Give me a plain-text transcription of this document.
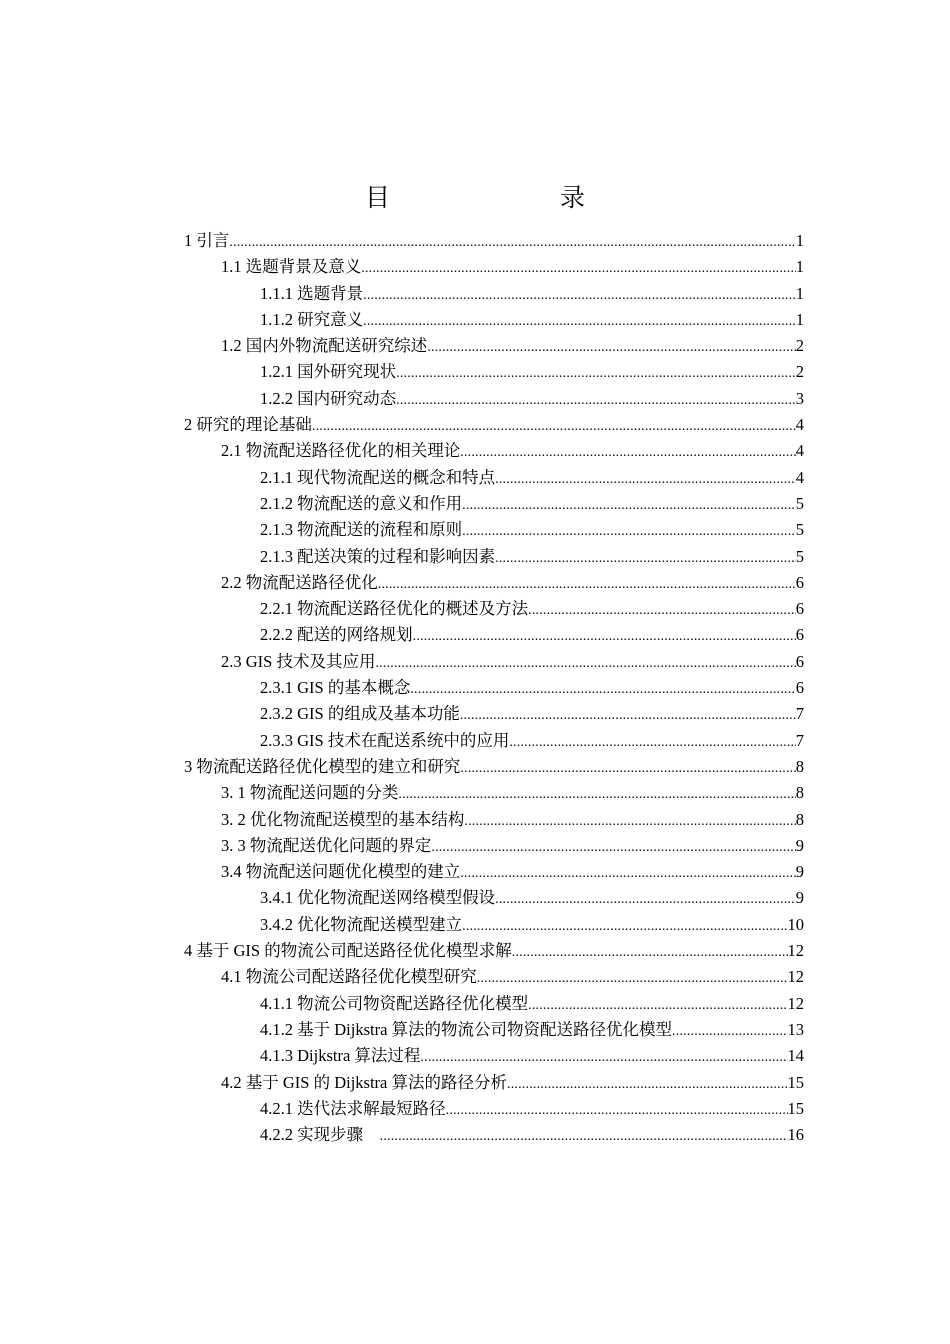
目　　录
1 引言 .....	1
1.1 选题背景及意义 .....	1
1.1.1 选题背景 .....	1
1.1.2 研究意义 .....	1
1.2 国内外物流配送研究综述 .....	2
1.2.1 国外研究现状 .....	2
1.2.2 国内研究动态 .....	3
2 研究的理论基础 .....	4
2.1 物流配送路径优化的相关理论 .....	4
2.1.1 现代物流配送的概念和特点 .....	4
2.1.2 物流配送的意义和作用 .....	5
2.1.3 物流配送的流程和原则 .....	5
2.1.3 配送决策的过程和影响因素 .....	5
2.2 物流配送路径优化 .....	6
2.2.1 物流配送路径优化的概述及方法 .....	6
2.2.2 配送的网络规划 .....	6
2.3 GIS 技术及其应用 .....	6
2.3.1 GIS 的基本概念 .....	6
2.3.2 GIS 的组成及基本功能 .....	7
2.3.3 GIS 技术在配送系统中的应用 .....	7
3 物流配送路径优化模型的建立和研究 .....	8
3. 1 物流配送问题的分类 .....	8
3. 2 优化物流配送模型的基本结构 .....	8
3. 3 物流配送优化问题的界定 .....	9
3.4 物流配送问题优化模型的建立 .....	9
3.4.1 优化物流配送网络模型假设 .....	9
3.4.2 优化物流配送模型建立 .....	10
4 基于 GIS 的物流公司配送路径优化模型求解 .....	12
4.1 物流公司配送路径优化模型研究 .....	12
4.1.1 物流公司物资配送路径优化模型 .....	12
4.1.2 基于 Dijkstra 算法的物流公司物资配送路径优化模型 .....	13
4.1.3 Dijkstra 算法过程 .....	14
4.2 基于 GIS 的 Dijkstra 算法的路径分析 .....	15
4.2.1 迭代法求解最短路径 .....	15
4.2.2 实现步骤　 .....	16
